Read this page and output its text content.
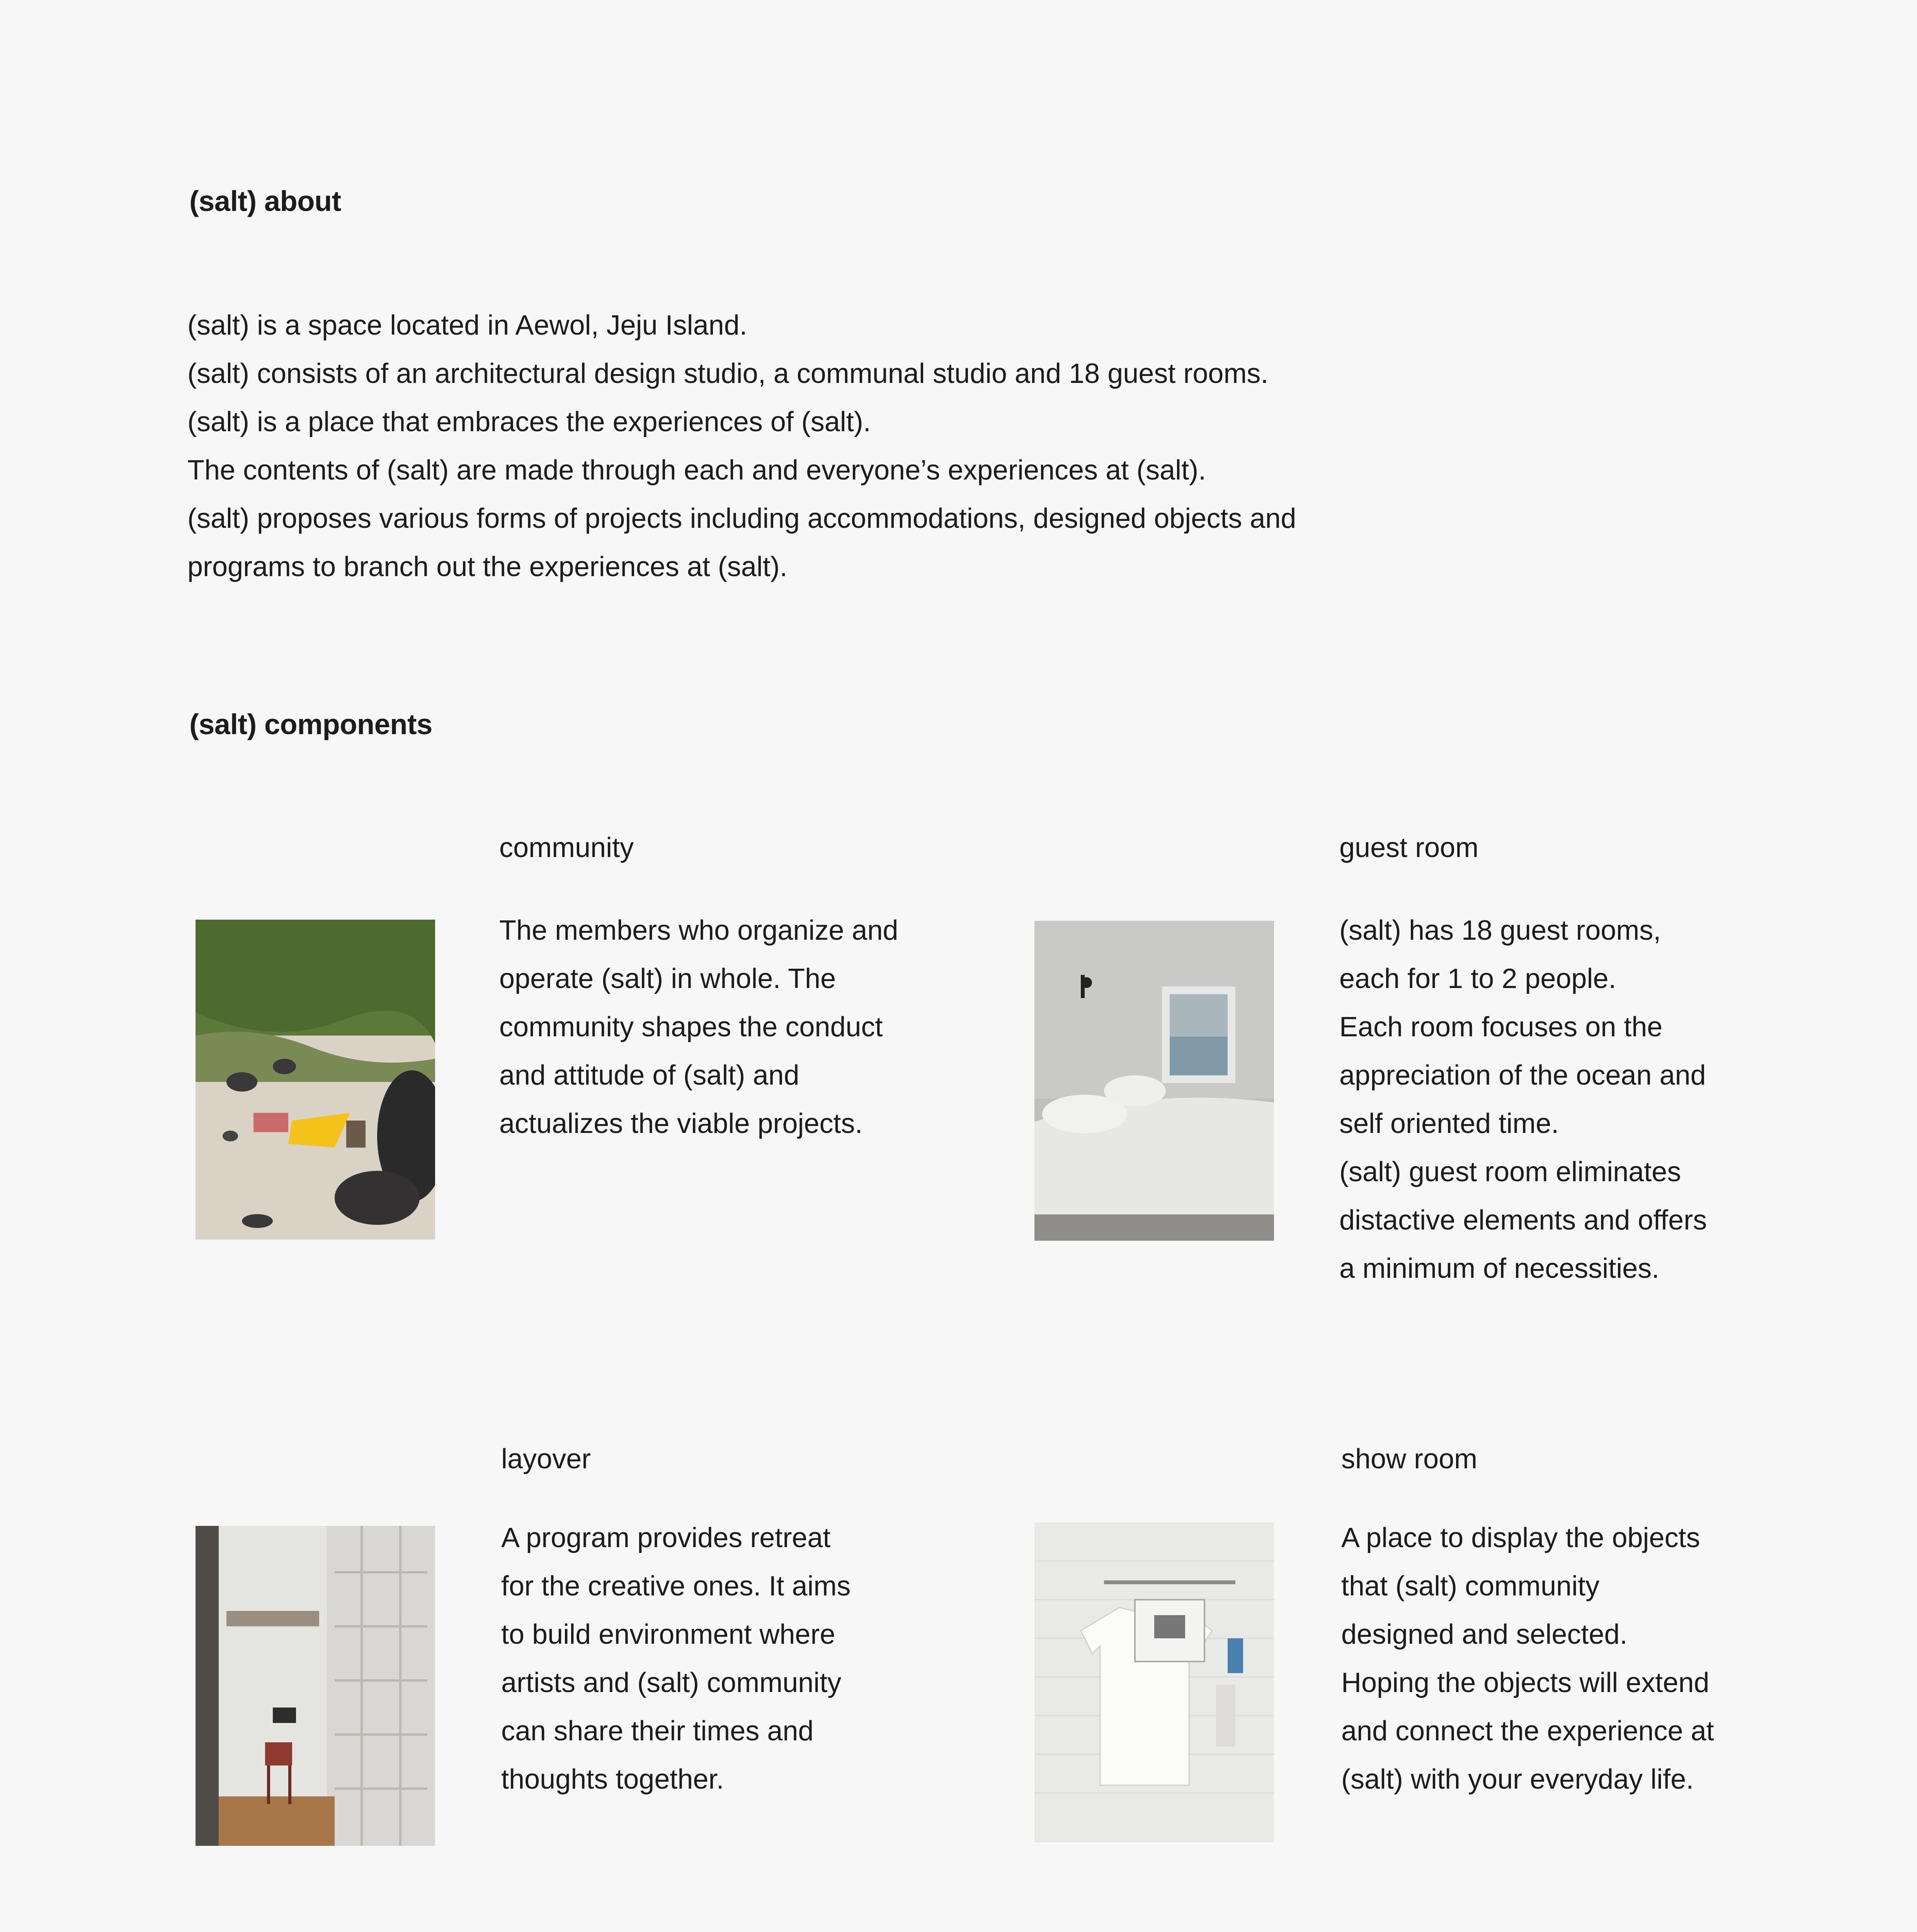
(salt) about
(salt) is a space located in Aewol, Jeju Island.
(salt) consists of an architectural design studio, a communal studio and 18 guest rooms.
(salt) is a place that embraces the experiences of (salt).
The contents of (salt) are made through each and everyone’s experiences at (salt).
(salt) proposes various forms of projects including accommodations, designed objects and
programs to branch out the experiences at (salt).
(salt) components
community
The members who organize and
operate (salt) in whole. The
community shapes the conduct
and attitude of (salt) and
actualizes the viable projects.
guest room
(salt) has 18 guest rooms,
each for 1 to 2 people.
Each room focuses on the
appreciation of the ocean and
self oriented time.
(salt) guest room eliminates
distactive elements and offers
a minimum of necessities.
layover
A program provides retreat
for the creative ones. It aims
to build environment where
artists and (salt) community
can share their times and
thoughts together.
show room
A place to display the objects
that (salt) community
designed and selected.
Hoping the objects will extend
and connect the experience at
(salt) with your everyday life.
